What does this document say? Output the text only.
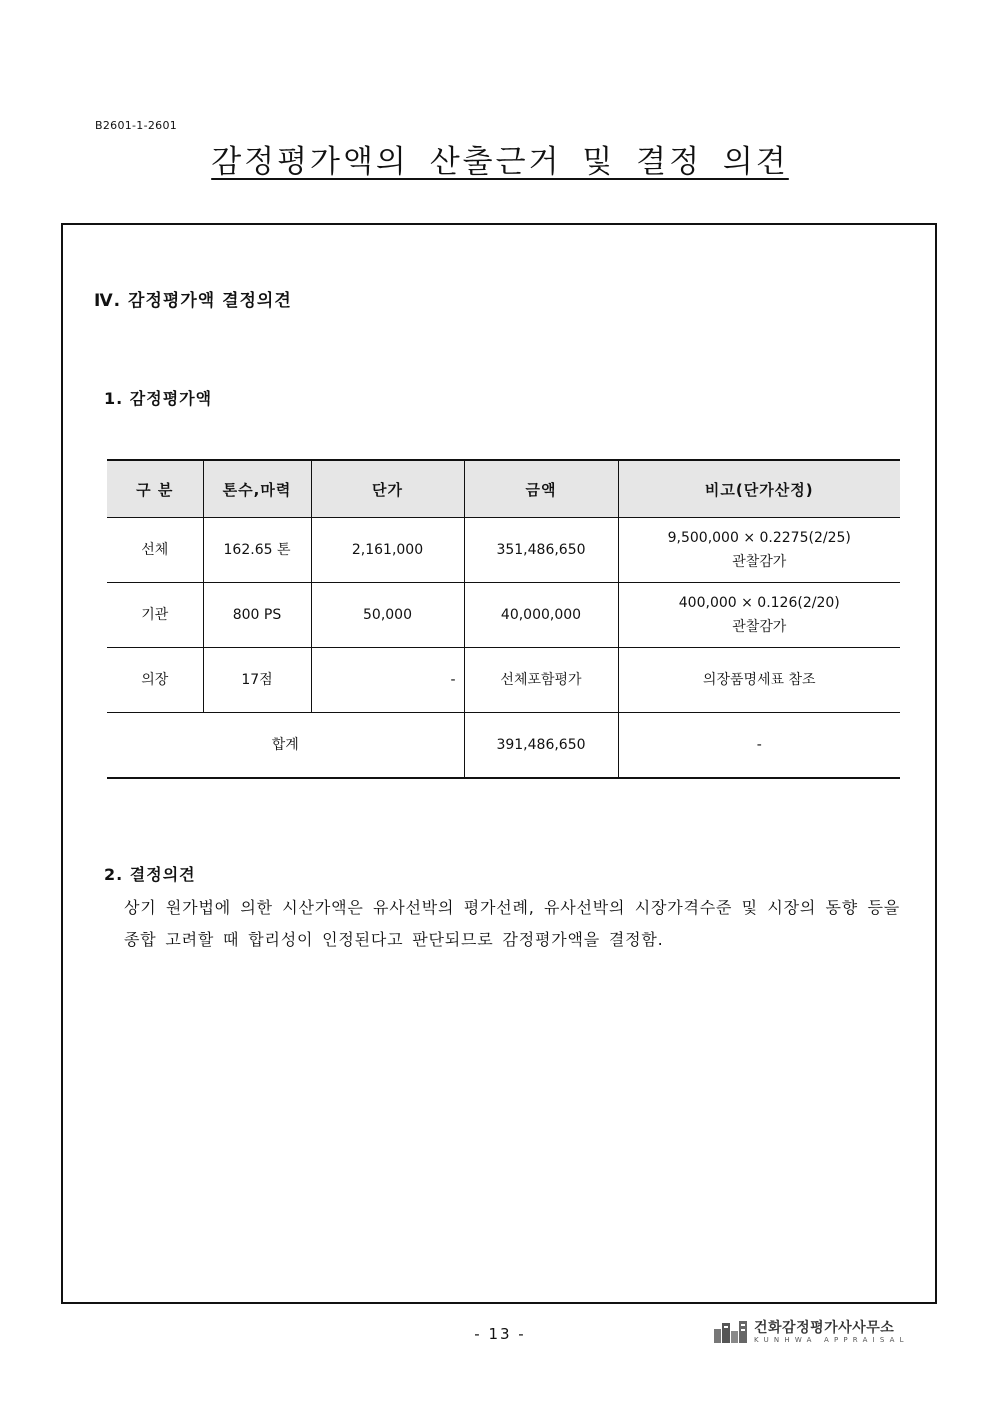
B2601-1-2601
감정평가액의 산출근거 및 결정 의견
Ⅳ. 감정평가액 결정의견
1. 감정평가액
구 분	톤수,마력	단가	금액	비고(단가산정)
선체	162.65 톤	2,161,000	351,486,650	9,500,000 × 0.2275(2/25)
관찰감가

기관	800 PS	50,000	40,000,000	400,000 × 0.126(2/20)
관찰감가

의장	17점	-	선체포함평가	의장품명세표 참조

합계			391,486,650	-
2. 결정의견
상기 원가법에 의한 시산가액은 유사선박의 평가선례, 유사선박의 시장가격수준 및 시장의 동향 등을 종합 고려할 때 합리성이 인정된다고 판단되므로 감정평가액을 결정함.
- 13 -	건화감정평가사사무소
KUNHWA APPRAISAL
